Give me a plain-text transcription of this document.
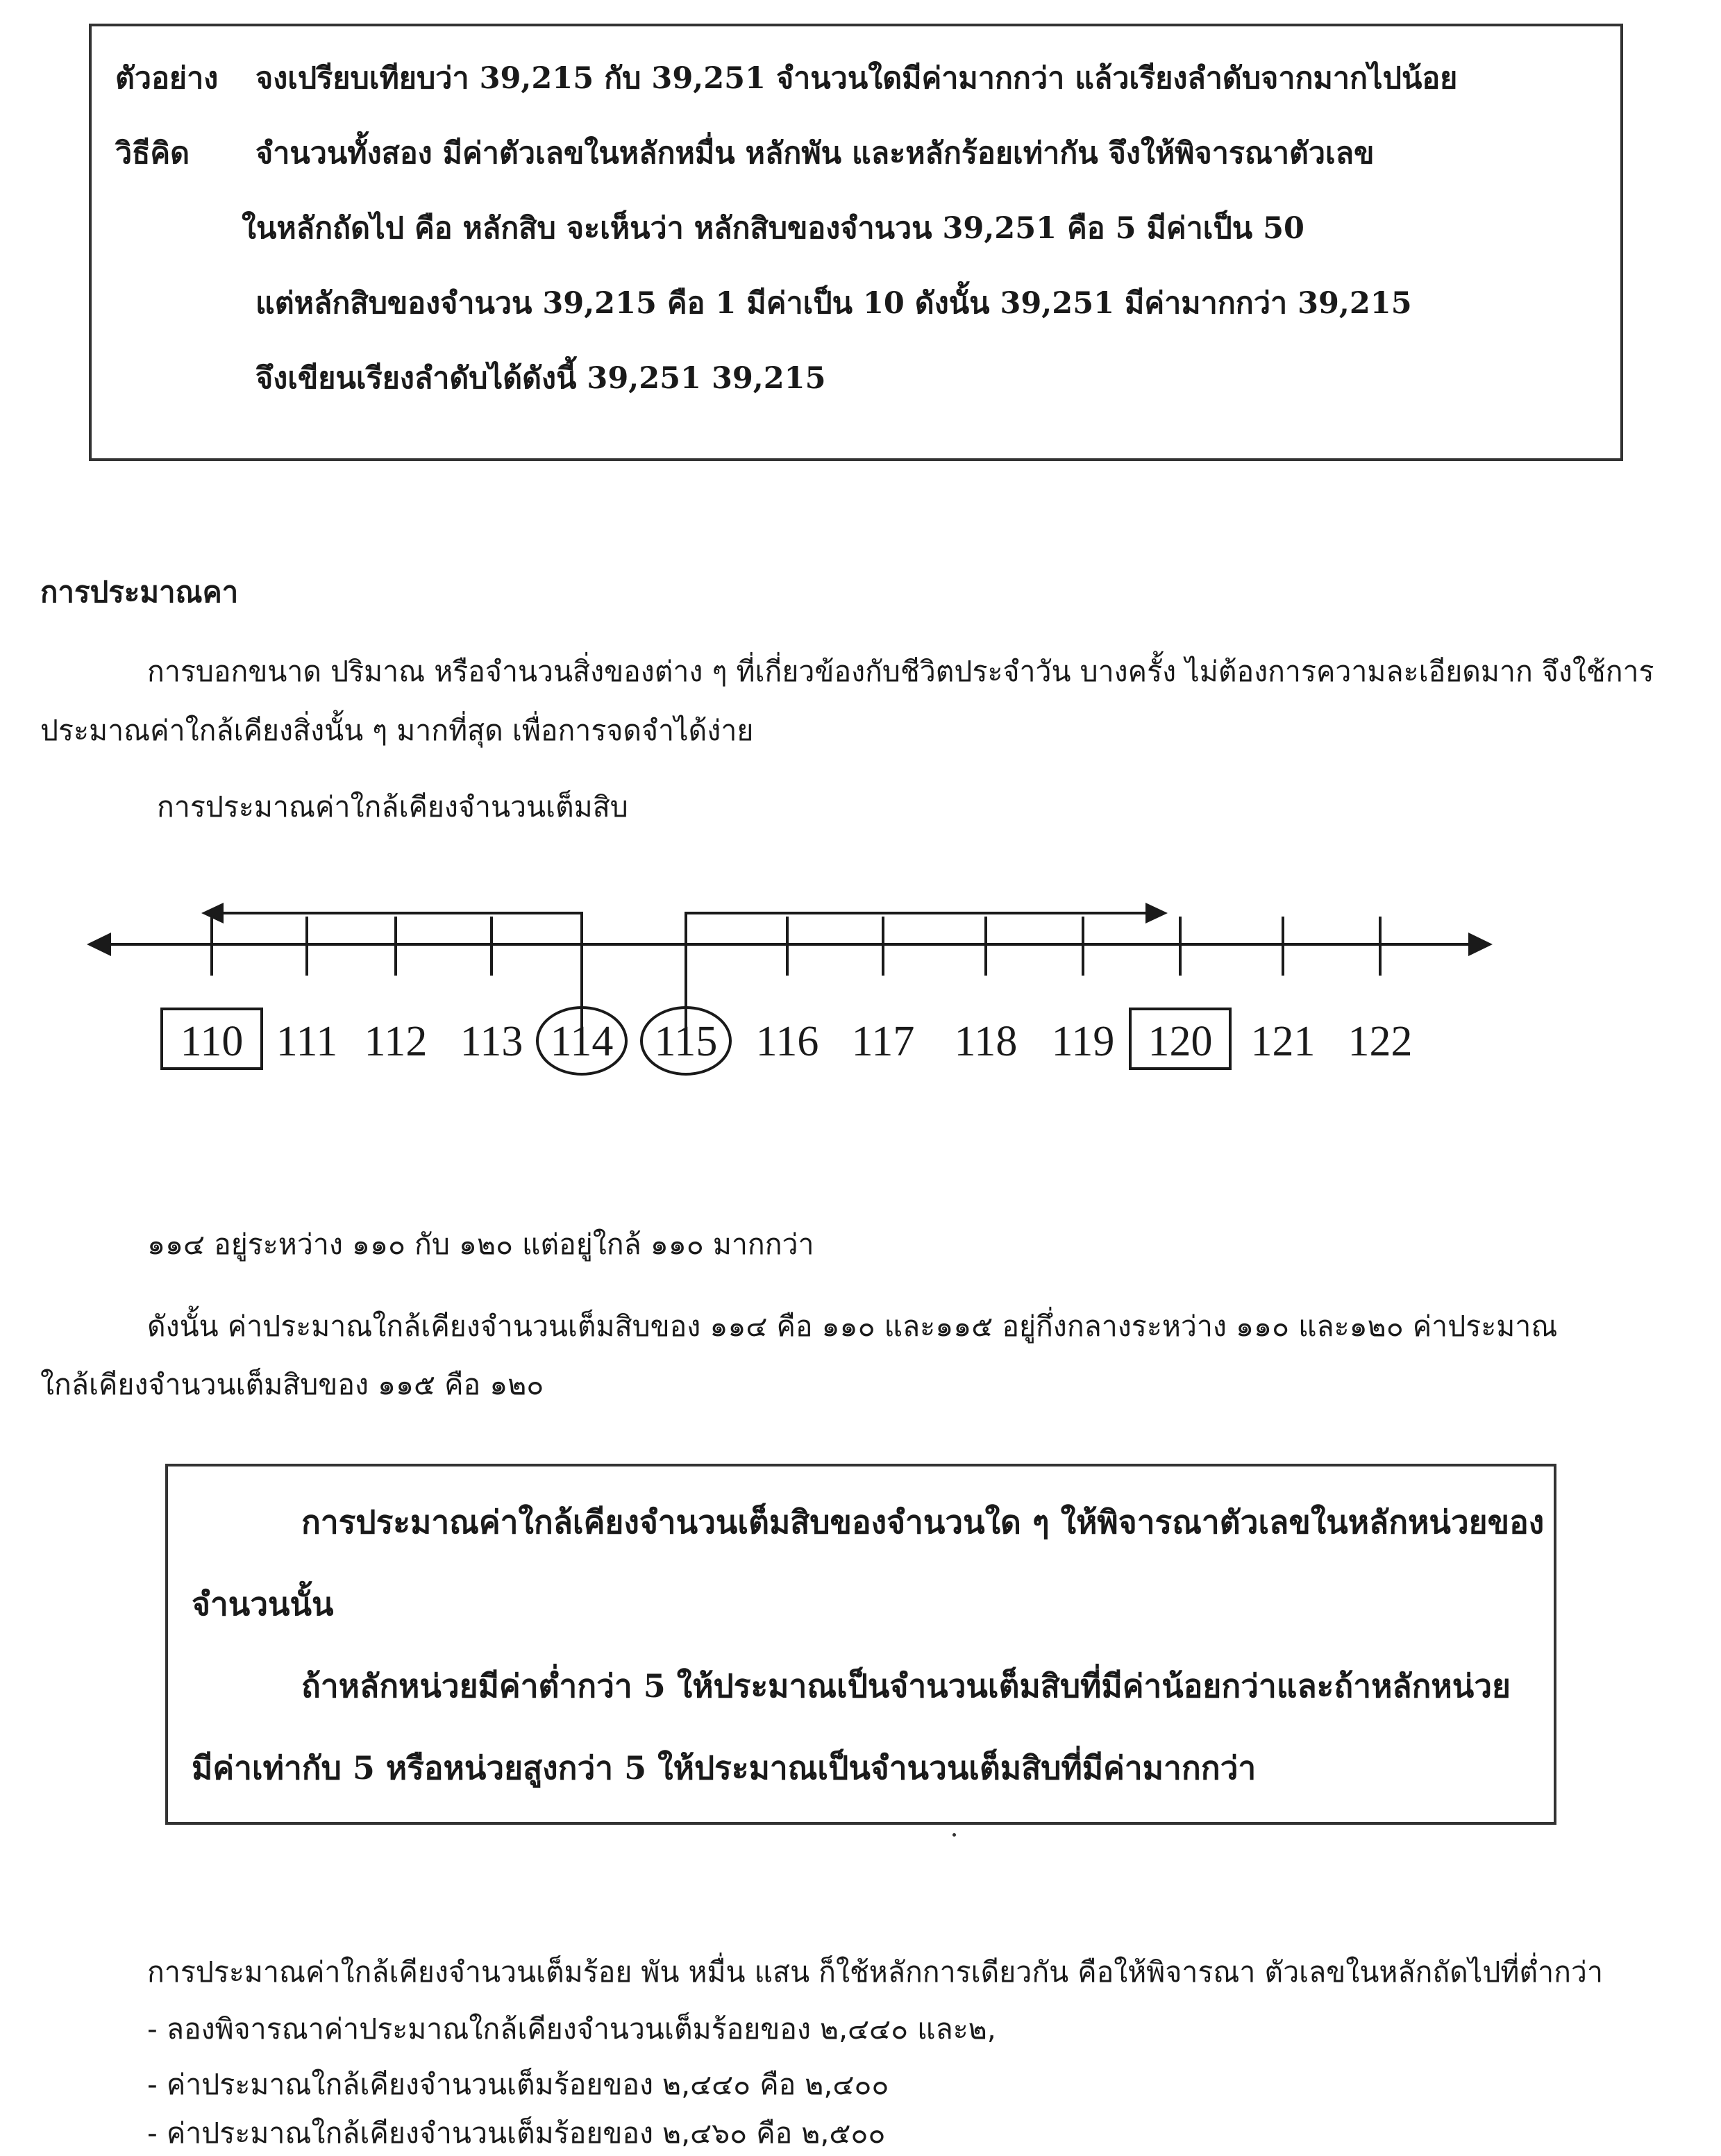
ตัวอย่าง จงเปรียบเทียบว่า 39,215 กับ 39,251 จำนวนใดมีค่ามากกว่า แล้วเรียงลำดับจากมากไปน้อย
วิธีคิด จำนวนทั้งสอง มีค่าตัวเลขในหลักหมื่น หลักพัน และหลักร้อยเท่ากัน จึงให้พิจารณาตัวเลข
ในหลักถัดไป คือ หลักสิบ จะเห็นว่า หลักสิบของจำนวน 39,251 คือ 5 มีค่าเป็น 50
แต่หลักสิบของจำนวน 39,215 คือ 1 มีค่าเป็น 10 ดังนั้น 39,251 มีค่ามากกว่า 39,215
จึงเขียนเรียงลำดับได้ดังนี้ 39,251 39,215
การประมาณคา
การบอกขนาด ปริมาณ หรือจำนวนสิ่งของต่าง ๆ ที่เกี่ยวข้องกับชีวิตประจำวัน บางครั้ง ไม่ต้องการความละเอียดมาก จึงใช้การ
ประมาณค่าใกล้เคียงสิ่งนั้น ๆ มากที่สุด เพื่อการจดจำได้ง่าย
การประมาณค่าใกล้เคียงจำนวนเต็มสิบ
110 111 112 113 114 115 116 117 118 119 120 121 122
๑๑๔ อยู่ระหว่าง ๑๑๐ กับ ๑๒๐ แต่อยู่ใกล้ ๑๑๐ มากกว่า
ดังนั้น ค่าประมาณใกล้เคียงจำนวนเต็มสิบของ ๑๑๔ คือ ๑๑๐ และ๑๑๕ อยู่กึ่งกลางระหว่าง ๑๑๐ และ๑๒๐ ค่าประมาณ
ใกล้เคียงจำนวนเต็มสิบของ ๑๑๕ คือ ๑๒๐
การประมาณค่าใกล้เคียงจำนวนเต็มสิบของจำนวนใด ๆ ให้พิจารณาตัวเลขในหลักหน่วยของ
จำนวนนั้น
ถ้าหลักหน่วยมีค่าต่ำกว่า 5 ให้ประมาณเป็นจำนวนเต็มสิบที่มีค่าน้อยกว่าและถ้าหลักหน่วย
มีค่าเท่ากับ 5 หรือหน่วยสูงกว่า 5 ให้ประมาณเป็นจำนวนเต็มสิบที่มีค่ามากกว่า
การประมาณค่าใกล้เคียงจำนวนเต็มร้อย พัน หมื่น แสน ก็ใช้หลักการเดียวกัน คือให้พิจารณา ตัวเลขในหลักถัดไปที่ต่ำกว่า
- ลองพิจารณาค่าประมาณใกล้เคียงจำนวนเต็มร้อยของ ๒,๔๔๐ และ๒,
- ค่าประมาณใกล้เคียงจำนวนเต็มร้อยของ ๒,๔๔๐ คือ ๒,๔๐๐
- ค่าประมาณใกล้เคียงจำนวนเต็มร้อยของ ๒,๔๖๐ คือ ๒,๕๐๐
